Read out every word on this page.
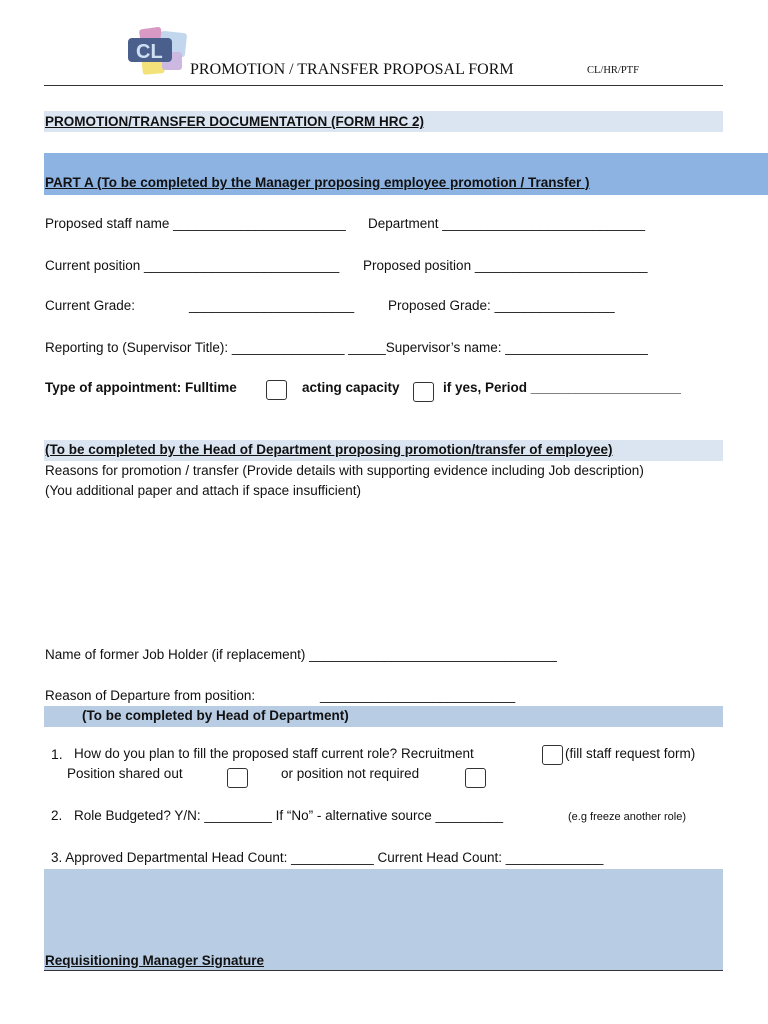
CL
PROMOTION / TRANSFER PROPOSAL FORM	CL/HR/PTF
PROMOTION/TRANSFER DOCUMENTATION (FORM HRC 2)
PART A (To be completed by the Manager proposing employee promotion / Transfer )
Proposed staff name _______________________ Department ___________________________
Current position __________________________ Proposed position _______________________
Current Grade:	______________________	Proposed Grade: ________________
Reporting to (Supervisor Title): _______________ _____Supervisor’s name: ___________________
Type of appointment: Fulltime	acting capacity	if yes, Period ____________________
(To be completed by the Head of Department proposing promotion/transfer of employee)
Reasons for promotion / transfer (Provide details with supporting evidence including Job description)
(You additional paper and attach if space insufficient)
Name of former Job Holder (if replacement) _________________________________
Reason of Departure from position:	__________________________
(To be completed by Head of Department)
1. How do you plan to fill the proposed staff current role? Recruitment	(fill staff request form)
Position shared out	or position not required
2. Role Budgeted? Y/N: _________ If “No” - alternative source _________	(e.g freeze another role)
3. Approved Departmental Head Count: ___________ Current Head Count: _____________
Requisitioning Manager Signature
